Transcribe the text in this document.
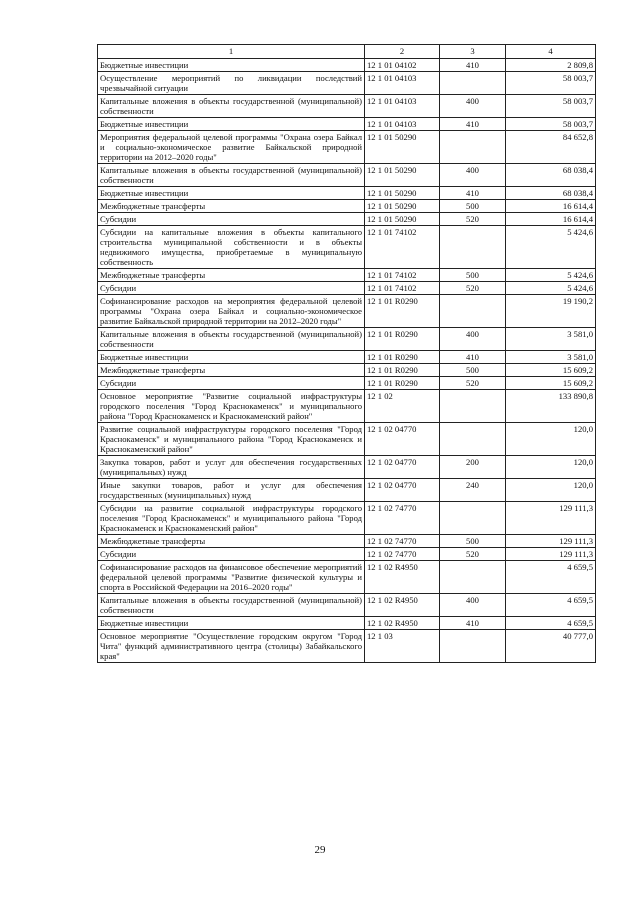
1	2	3	4
Бюджетные инвестиции	12 1 01 04102	410	2 809,8
Осуществление мероприятий по ликвидации последствий чрезвычайной ситуации	12 1 01 04103		58 003,7
Капитальные вложения в объекты государственной (муниципальной) собственности	12 1 01 04103	400	58 003,7
Бюджетные инвестиции	12 1 01 04103	410	58 003,7
Мероприятия федеральной целевой программы "Охрана озера Байкал и социально-экономическое развитие Байкальской природной территории на 2012–2020 годы"	12 1 01 50290		84 652,8
Капитальные вложения в объекты государственной (муниципальной) собственности	12 1 01 50290	400	68 038,4
Бюджетные инвестиции	12 1 01 50290	410	68 038,4
Межбюджетные трансферты	12 1 01 50290	500	16 614,4
Субсидии	12 1 01 50290	520	16 614,4
Субсидии на капитальные вложения в объекты капитального строительства муниципальной собственности и в объекты недвижимого имущества, приобретаемые в муниципальную собственность	12 1 01 74102		5 424,6
Межбюджетные трансферты	12 1 01 74102	500	5 424,6
Субсидии	12 1 01 74102	520	5 424,6
Софинансирование расходов на мероприятия федеральной целевой программы "Охрана озера Байкал и социально-экономическое развитие Байкальской природной территории на 2012–2020 годы"	12 1 01 R0290		19 190,2
Капитальные вложения в объекты государственной (муниципальной) собственности	12 1 01 R0290	400	3 581,0
Бюджетные инвестиции	12 1 01 R0290	410	3 581,0
Межбюджетные трансферты	12 1 01 R0290	500	15 609,2
Субсидии	12 1 01 R0290	520	15 609,2
Основное мероприятие "Развитие социальной инфраструктуры городского поселения "Город Краснокаменск" и муниципального района "Город Краснокаменск и Краснокаменский район"	12 1 02		133 890,8
Развитие социальной инфраструктуры городского поселения "Город Краснокаменск" и муниципального района "Город Краснокаменск и Краснокаменский район"	12 1 02 04770		120,0
Закупка товаров, работ и услуг для обеспечения государственных (муниципальных) нужд	12 1 02 04770	200	120,0
Иные закупки товаров, работ и услуг для обеспечения государственных (муниципальных) нужд	12 1 02 04770	240	120,0
Субсидии на развитие социальной инфраструктуры городского поселения "Город Краснокаменск" и муниципального района "Город Краснокаменск и Краснокаменский район"	12 1 02 74770		129 111,3
Межбюджетные трансферты	12 1 02 74770	500	129 111,3
Субсидии	12 1 02 74770	520	129 111,3
Софинансирование расходов на финансовое обеспечение мероприятий федеральной целевой программы "Развитие физической культуры и спорта в Российской Федерации на 2016–2020 годы"	12 1 02 R4950		4 659,5
Капитальные вложения в объекты государственной (муниципальной) собственности	12 1 02 R4950	400	4 659,5
Бюджетные инвестиции	12 1 02 R4950	410	4 659,5
Основное мероприятие "Осуществление городским округом "Город Чита" функций административного центра (столицы) Забайкальского края"	12 1 03		40 777,0
29
